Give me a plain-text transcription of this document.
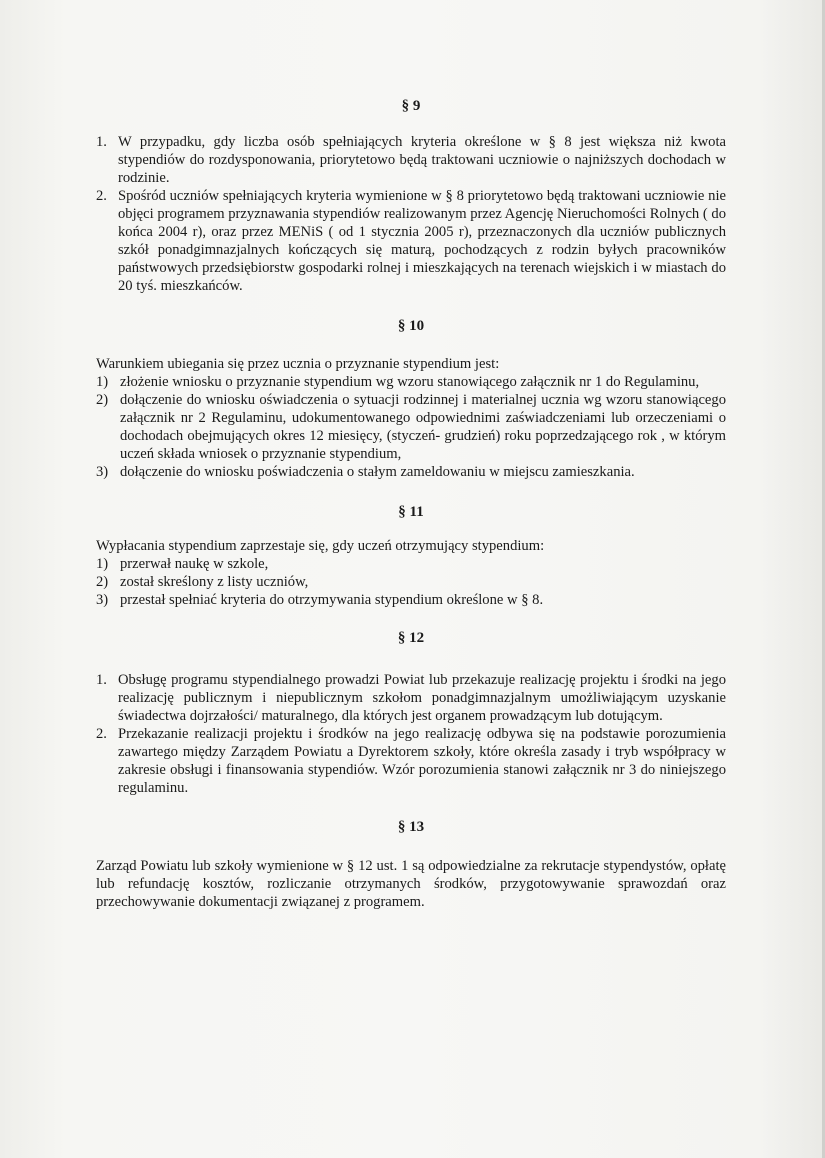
§ 9

1. W przypadku, gdy liczba osób spełniających kryteria określone w § 8 jest większa niż kwota stypendiów do rozdysponowania, priorytetowo będą traktowani uczniowie o najniższych dochodach w rodzinie.
2. Spośród uczniów spełniających kryteria wymienione w § 8 priorytetowo będą traktowani uczniowie nie objęci programem przyznawania stypendiów realizowanym przez Agencję Nieruchomości Rolnych ( do końca 2004 r), oraz przez MENiS ( od 1 stycznia 2005 r), przeznaczonych dla uczniów publicznych szkół ponadgimnazjalnych kończących się maturą, pochodzących z rodzin byłych pracowników państwowych przedsiębiorstw gospodarki rolnej i mieszkających na terenach wiejskich i w miastach do 20 tyś. mieszkańców.

§ 10

Warunkiem ubiegania się przez ucznia o przyznanie stypendium jest:

1) złożenie wniosku o przyznanie stypendium wg wzoru stanowiącego załącznik nr 1 do Regulaminu,
2) dołączenie do wniosku oświadczenia o sytuacji rodzinnej i materialnej ucznia wg wzoru stanowiącego załącznik nr 2 Regulaminu, udokumentowanego odpowiednimi zaświadczeniami lub orzeczeniami o dochodach obejmujących okres 12 miesięcy, (styczeń- grudzień) roku poprzedzającego rok , w którym uczeń składa wniosek o przyznanie stypendium,
3) dołączenie do wniosku poświadczenia o stałym zameldowaniu w miejscu zamieszkania.

§ 11

Wypłacania stypendium zaprzestaje się, gdy uczeń otrzymujący stypendium:

1) przerwał naukę w szkole,
2) został skreślony z listy uczniów,
3) przestał spełniać kryteria do otrzymywania stypendium określone w § 8.

§ 12

1. Obsługę programu stypendialnego prowadzi Powiat lub przekazuje realizację projektu i środki na jego realizację publicznym i niepublicznym szkołom ponadgimnazjalnym umożliwiającym uzyskanie świadectwa dojrzałości/ maturalnego, dla których jest organem prowadzącym lub dotującym.
2. Przekazanie realizacji projektu i środków na jego realizację odbywa się na podstawie porozumienia zawartego między Zarządem Powiatu a Dyrektorem szkoły, które określa zasady i tryb współpracy w zakresie obsługi i finansowania stypendiów. Wzór porozumienia stanowi załącznik nr 3 do niniejszego regulaminu.

§ 13

Zarząd Powiatu lub szkoły wymienione w § 12 ust. 1 są odpowiedzialne za rekrutacje stypendystów, opłatę lub refundację kosztów, rozliczanie otrzymanych środków, przygotowywanie sprawozdań oraz przechowywanie dokumentacji związanej z programem.
